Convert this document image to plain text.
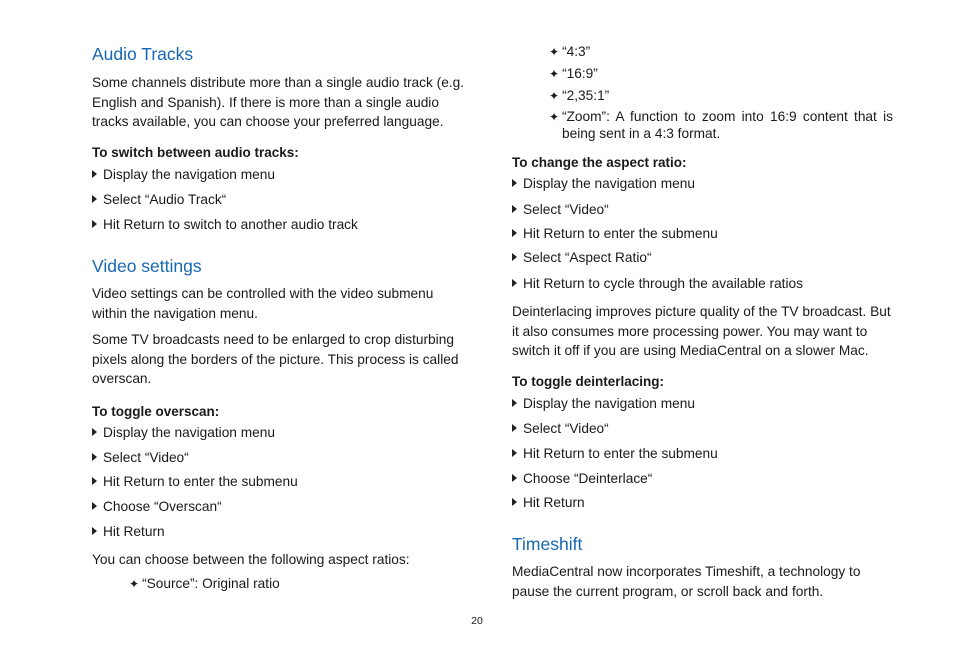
Audio Tracks

Some channels distribute more than a single audio track (e.g. English and Spanish). If there is more than a single audio tracks available, you can choose your preferred language.

To switch between audio tracks:

Display the navigation menu
Select “Audio Track“
Hit Return to switch to another audio track
Video settings

Video settings can be controlled with the video submenu within the navigation menu.

Some TV broadcasts need to be enlarged to crop disturbing pixels along the borders of the picture. This process is called overscan.

To toggle overscan:

Display the navigation menu
Select “Video“
Hit Return to enter the submenu
Choose “Overscan“
Hit Return

You can choose between the following aspect ratios:

✦ “Source”: Original ratio
✦ “4:3”
✦ “16:9”
✦ “2,35:1”
✦ “Zoom”: A function to zoom into 16:9 content that is being sent in a 4:3 format.

To change the aspect ratio:

Display the navigation menu
Select “Video“
Hit Return to enter the submenu
Select “Aspect Ratio“
Hit Return to cycle through the available ratios

Deinterlacing improves picture quality of the TV broadcast. But it also consumes more processing power. You may want to switch it off if you are using MediaCentral on a slower Mac.

To toggle deinterlacing:

Display the navigation menu
Select “Video“
Hit Return to enter the submenu
Choose “Deinterlace“
Hit Return
Timeshift

MediaCentral now incorporates Timeshift, a technology to pause the current program, or scroll back and forth.

20
